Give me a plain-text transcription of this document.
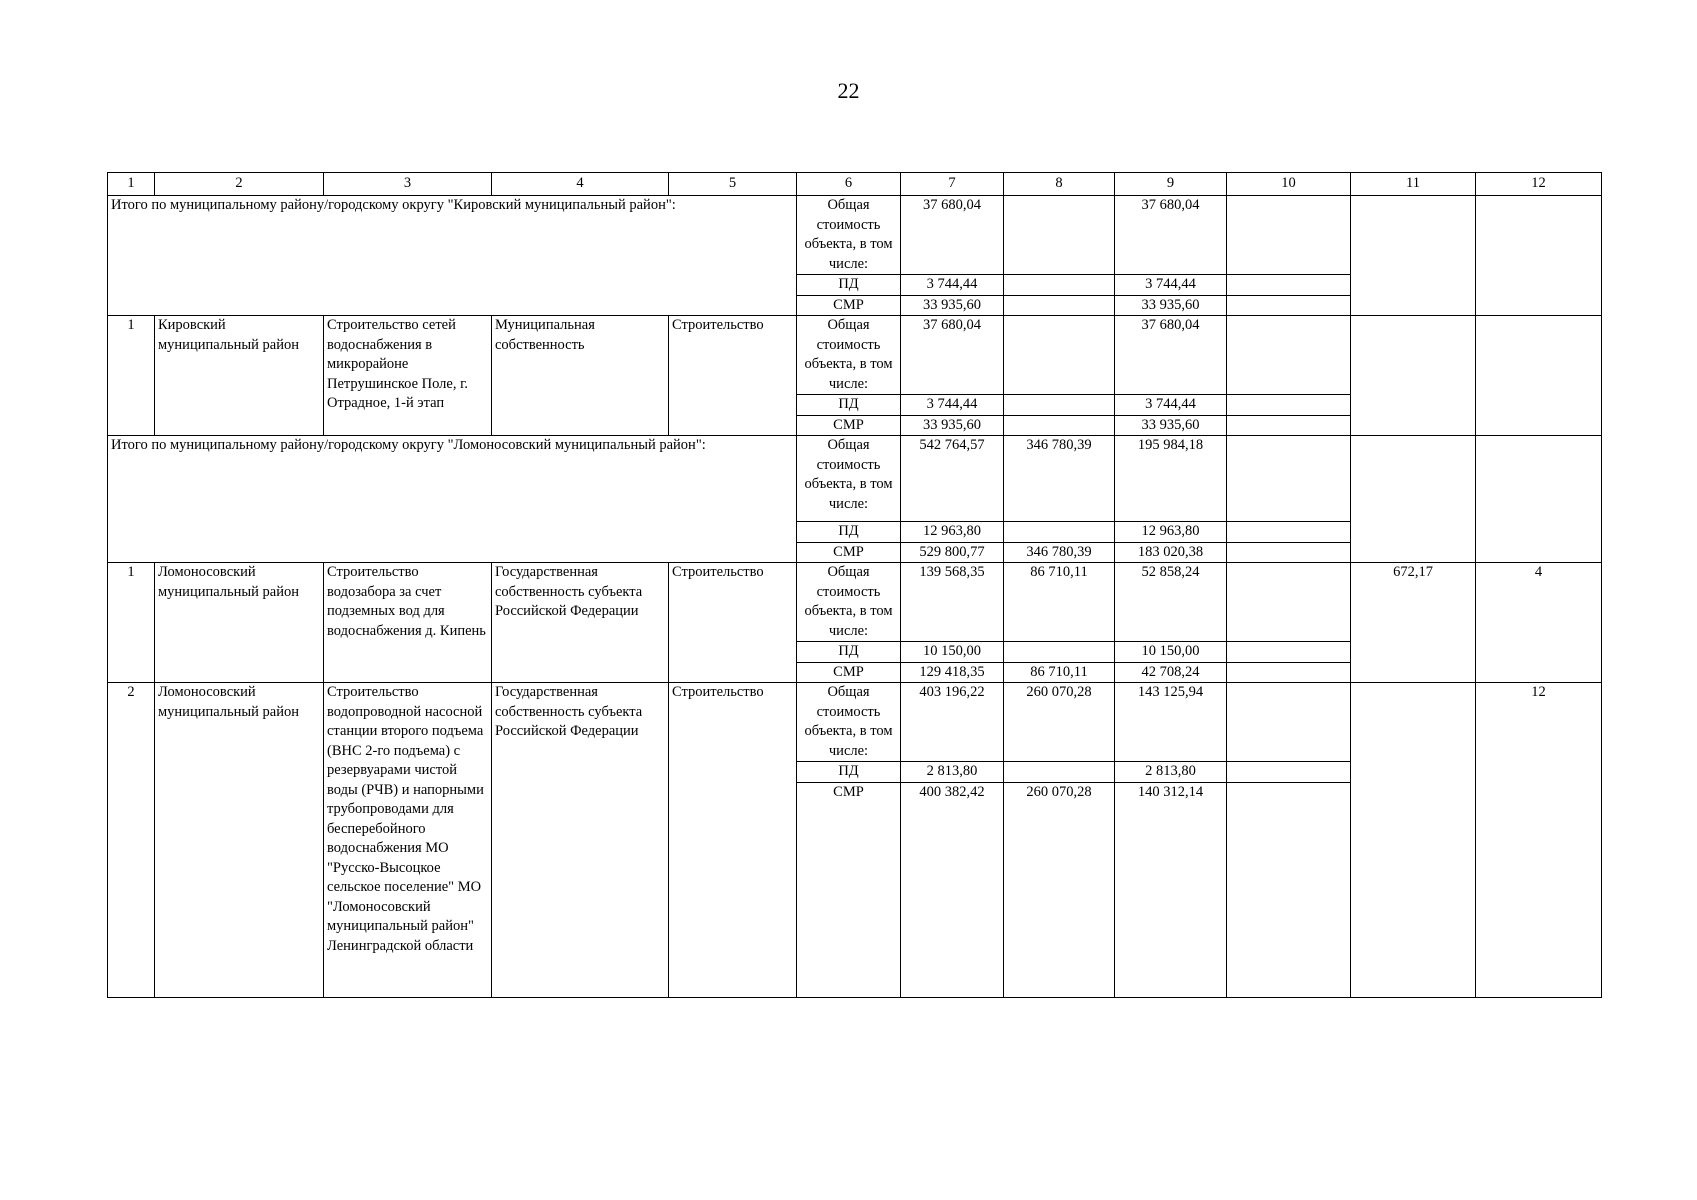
22
1	2	3	4	5	6	7	8	9	10	11	12
Итого по муниципальному району/городскому округу "Кировский муниципальный район":					Общая стоимость объекта, в том числе:	37 680,04		37 680,04			
					ПД	3 744,44		3 744,44			
					СМР	33 935,60		33 935,60			
1	Кировский муниципальный район	Строительство сетей водоснабжения в микрорайоне Петрушинское Поле, г. Отрадное, 1-й этап	Муниципальная собственность	Строительство	Общая стоимость объекта, в том числе:	37 680,04		37 680,04			
					ПД	3 744,44		3 744,44			
					СМР	33 935,60		33 935,60			
Итого по муниципальному району/городскому округу "Ломоносовский муниципальный район":					Общая стоимость объекта, в том числе:	542 764,57	346 780,39	195 984,18			
					ПД	12 963,80		12 963,80			
					СМР	529 800,77	346 780,39	183 020,38			
1	Ломоносовский муниципальный район	Строительство водозабора за счет подземных вод для водоснабжения д. Кипень	Государственная собственность субъекта Российской Федерации	Строительство	Общая стоимость объекта, в том числе:	139 568,35	86 710,11	52 858,24		672,17	4
					ПД	10 150,00		10 150,00			
					СМР	129 418,35	86 710,11	42 708,24			
2	Ломоносовский муниципальный район	Строительство водопроводной насосной станции второго подъема (ВНС 2-го подъема) с резервуарами чистой воды (РЧВ) и напорными трубопроводами для бесперебойного водоснабжения МО "Русско-Высоцкое сельское поселение" МО "Ломоносовский муниципальный район" Ленинградской области	Государственная собственность субъекта Российской Федерации	Строительство	Общая стоимость объекта, в том числе:	403 196,22	260 070,28	143 125,94			12
					ПД	2 813,80		2 813,80			
					СМР	400 382,42	260 070,28	140 312,14			
